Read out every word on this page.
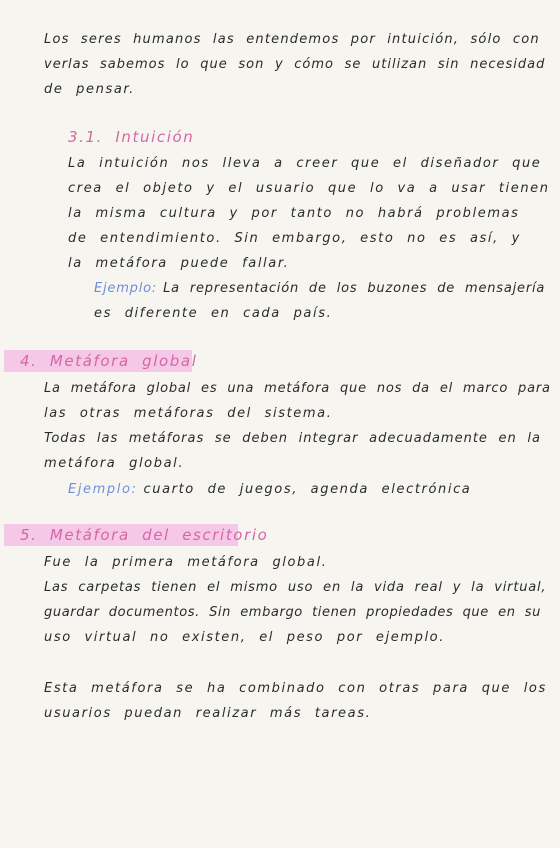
Los seres humanos las entendemos por intuición, sólo con
verlas sabemos lo que son y cómo se utilizan sin necesidad
de pensar.
3.1. Intuición
La intuición nos lleva a creer que el diseñador que
crea el objeto y el usuario que lo va a usar tienen
la misma cultura y por tanto no habrá problemas
de entendimiento. Sin embargo, esto no es así, y
la metáfora puede fallar.
Ejemplo: La representación de los buzones de mensajería
es diferente en cada país.
4. Metáfora global
La metáfora global es una metáfora que nos da el marco para
las otras metáforas del sistema.
Todas las metáforas se deben integrar adecuadamente en la
metáfora global.
Ejemplo: cuarto de juegos, agenda electrónica
5. Metáfora del escritorio
Fue la primera metáfora global.
Las carpetas tienen el mismo uso en la vida real y la virtual,
guardar documentos. Sin embargo tienen propiedades que en su
uso virtual no existen, el peso por ejemplo.
Esta metáfora se ha combinado con otras para que los
usuarios puedan realizar más tareas.
